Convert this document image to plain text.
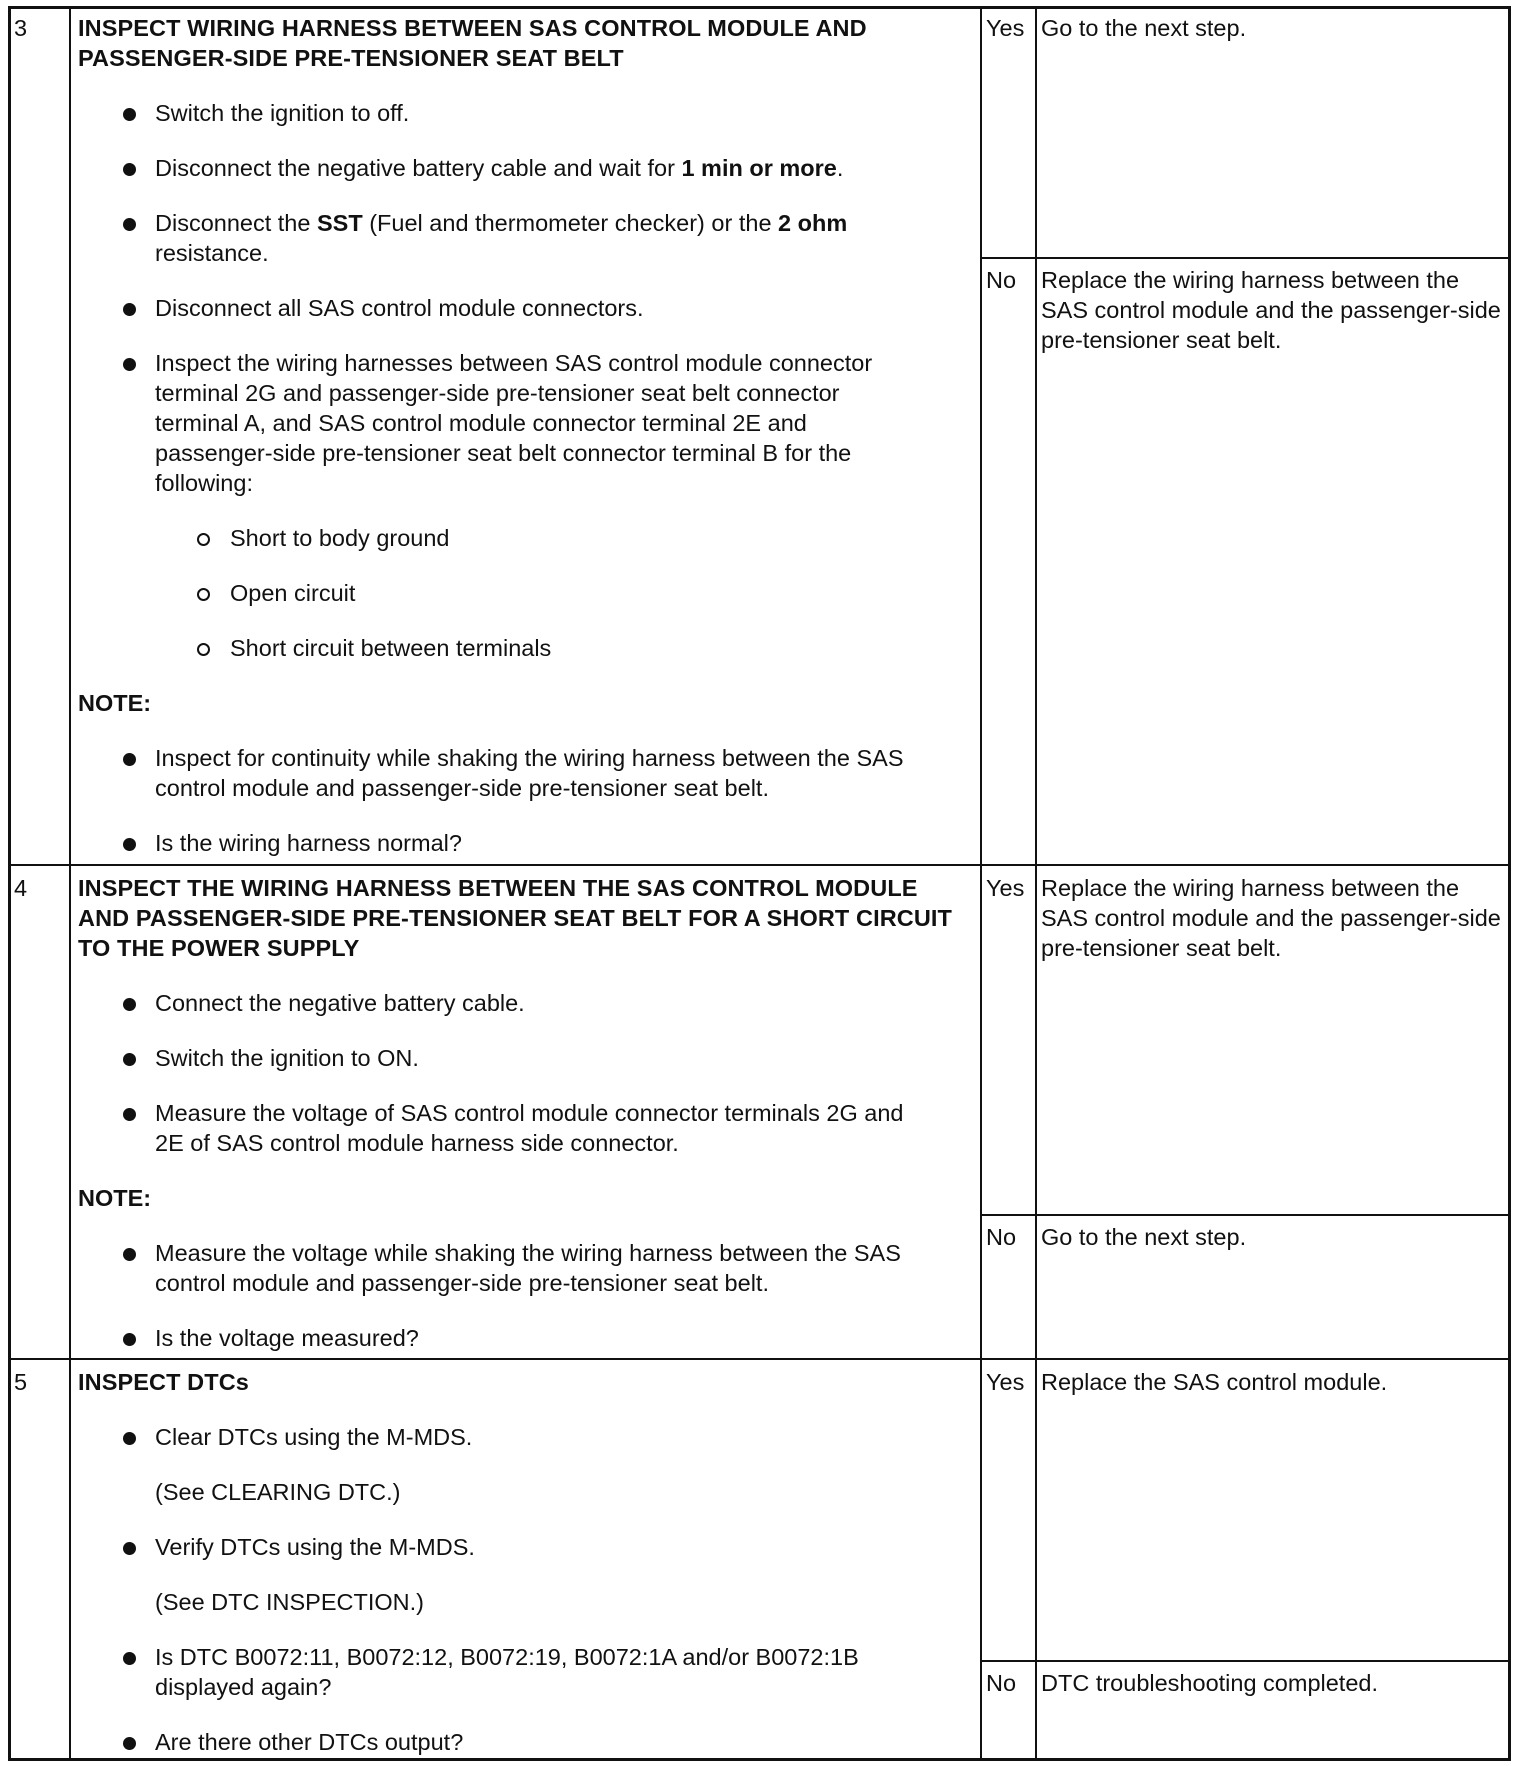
3 INSPECT WIRING HARNESS BETWEEN SAS CONTROL MODULE AND PASSENGER-SIDE PRE-TENSIONER SEAT BELT

Switch the ignition to off.
Disconnect the negative battery cable and wait for 1 min or more.
Disconnect the SST (Fuel and thermometer checker) or the 2 ohm resistance.
Disconnect all SAS control module connectors.
Inspect the wiring harnesses between SAS control module connector terminal 2G and passenger-side pre-tensioner seat belt connector terminal A, and SAS control module connector terminal 2E and passenger-side pre-tensioner seat belt connector terminal B for the following:
Short to body ground
Open circuit
Short circuit between terminals
NOTE:
Inspect for continuity while shaking the wiring harness between the SAS control module and passenger-side pre-tensioner seat belt.
Is the wiring harness normal?
Yes Go to the next step.
No Replace the wiring harness between the SAS control module and the passenger-side pre-tensioner seat belt.
4 INSPECT THE WIRING HARNESS BETWEEN THE SAS CONTROL MODULE AND PASSENGER-SIDE PRE-TENSIONER SEAT BELT FOR A SHORT CIRCUIT TO THE POWER SUPPLY

Connect the negative battery cable.
Switch the ignition to ON.
Measure the voltage of SAS control module connector terminals 2G and 2E of SAS control module harness side connector.
NOTE:
Measure the voltage while shaking the wiring harness between the SAS control module and passenger-side pre-tensioner seat belt.
Is the voltage measured?
Yes Replace the wiring harness between the SAS control module and the passenger-side pre-tensioner seat belt.
No Go to the next step.
5 INSPECT DTCs

Clear DTCs using the M-MDS.
(See CLEARING DTC.)
Verify DTCs using the M-MDS.
(See DTC INSPECTION.)
Is DTC B0072:11, B0072:12, B0072:19, B0072:1A and/or B0072:1B displayed again?
Are there other DTCs output?
Yes Replace the SAS control module.
No DTC troubleshooting completed.
